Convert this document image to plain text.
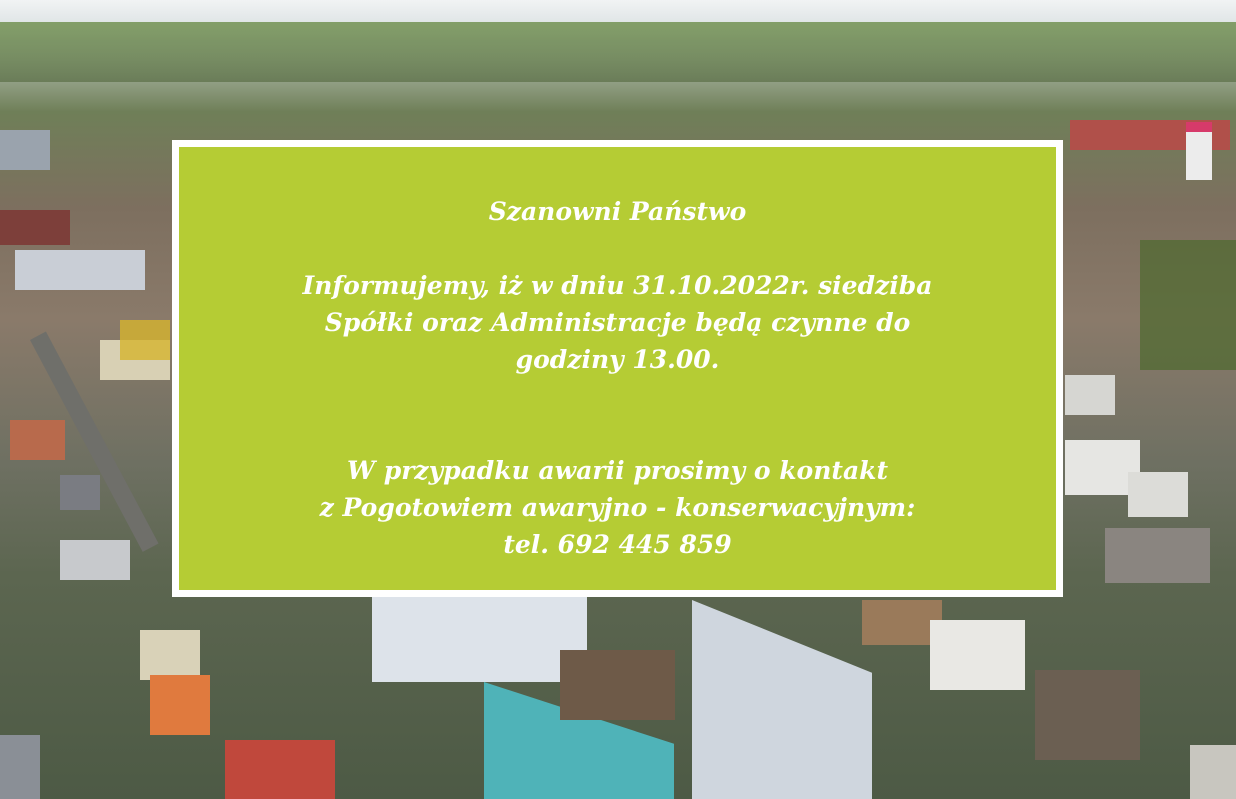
Szanowni Państwo

Informujemy, iż w dniu 31.10.2022r. siedziba

Spółki oraz Administracje będą czynne do

godziny 13.00.

W przypadku awarii prosimy o kontakt

z Pogotowiem awaryjno - konserwacyjnym:

tel. 692 445 859
